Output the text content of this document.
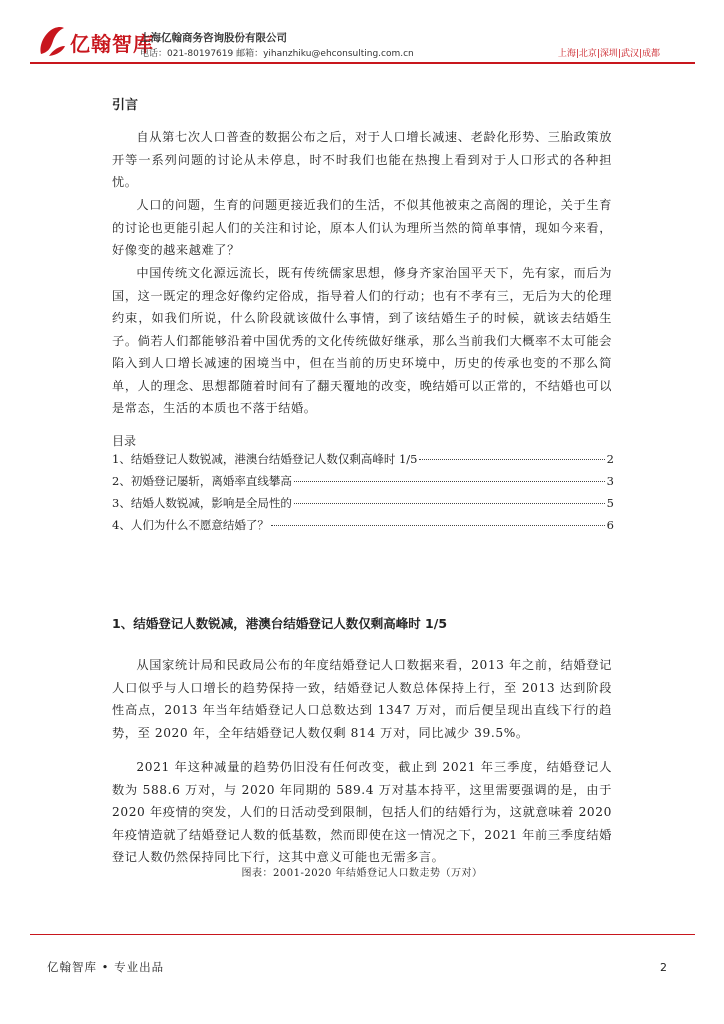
亿翰智库
上海亿翰商务咨询股份有限公司
电话：021-80197619 邮箱：yihanzhiku@ehconsulting.com.cn	上海|北京|深圳|武汉|成都
引言

自从第七次人口普查的数据公布之后，对于人口增长减速、老龄化形势、三胎政策放开等一系列问题的讨论从未停息，时不时我们也能在热搜上看到对于人口形式的各种担忧。

人口的问题，生育的问题更接近我们的生活，不似其他被束之高阁的理论，关于生育的讨论也更能引起人们的关注和讨论，原本人们认为理所当然的简单事情，现如今来看，好像变的越来越难了？

中国传统文化源远流长，既有传统儒家思想，修身齐家治国平天下，先有家，而后为国，这一既定的理念好像约定俗成，指导着人们的行动；也有不孝有三，无后为大的伦理约束，如我们所说，什么阶段就该做什么事情，到了该结婚生子的时候，就该去结婚生子。倘若人们都能够沿着中国优秀的文化传统做好继承，那么当前我们大概率不太可能会陷入到人口增长减速的困境当中，但在当前的历史环境中，历史的传承也变的不那么简单，人的理念、思想都随着时间有了翻天覆地的改变，晚结婚可以正常的，不结婚也可以是常态，生活的本质也不落于结婚。

目录
1、结婚登记人数锐减，港澳台结婚登记人数仅剩高峰时 1/5	2
2、初婚登记屡斩，离婚率直线攀高	3
3、结婚人数锐减，影响是全局性的	5
4、人们为什么不愿意结婚了？	6
1、结婚登记人数锐减，港澳台结婚登记人数仅剩高峰时 1/5

从国家统计局和民政局公布的年度结婚登记人口数据来看，2013 年之前，结婚登记人口似乎与人口增长的趋势保持一致，结婚登记人数总体保持上行，至 2013 达到阶段性高点，2013 年当年结婚登记人口总数达到 1347 万对，而后便呈现出直线下行的趋势，至 2020 年，全年结婚登记人数仅剩 814 万对，同比减少 39.5%。

2021 年这种减量的趋势仍旧没有任何改变，截止到 2021 年三季度，结婚登记人数为 588.6 万对，与 2020 年同期的 589.4 万对基本持平，这里需要强调的是，由于 2020 年疫情的突发，人们的日活动受到限制，包括人们的结婚行为，这就意味着 2020 年疫情造就了结婚登记人数的低基数，然而即使在这一情况之下，2021 年前三季度结婚登记人数仍然保持同比下行，这其中意义可能也无需多言。

图表：2001-2020 年结婚登记人口数走势（万对）
亿翰智库 • 专业出品	2
